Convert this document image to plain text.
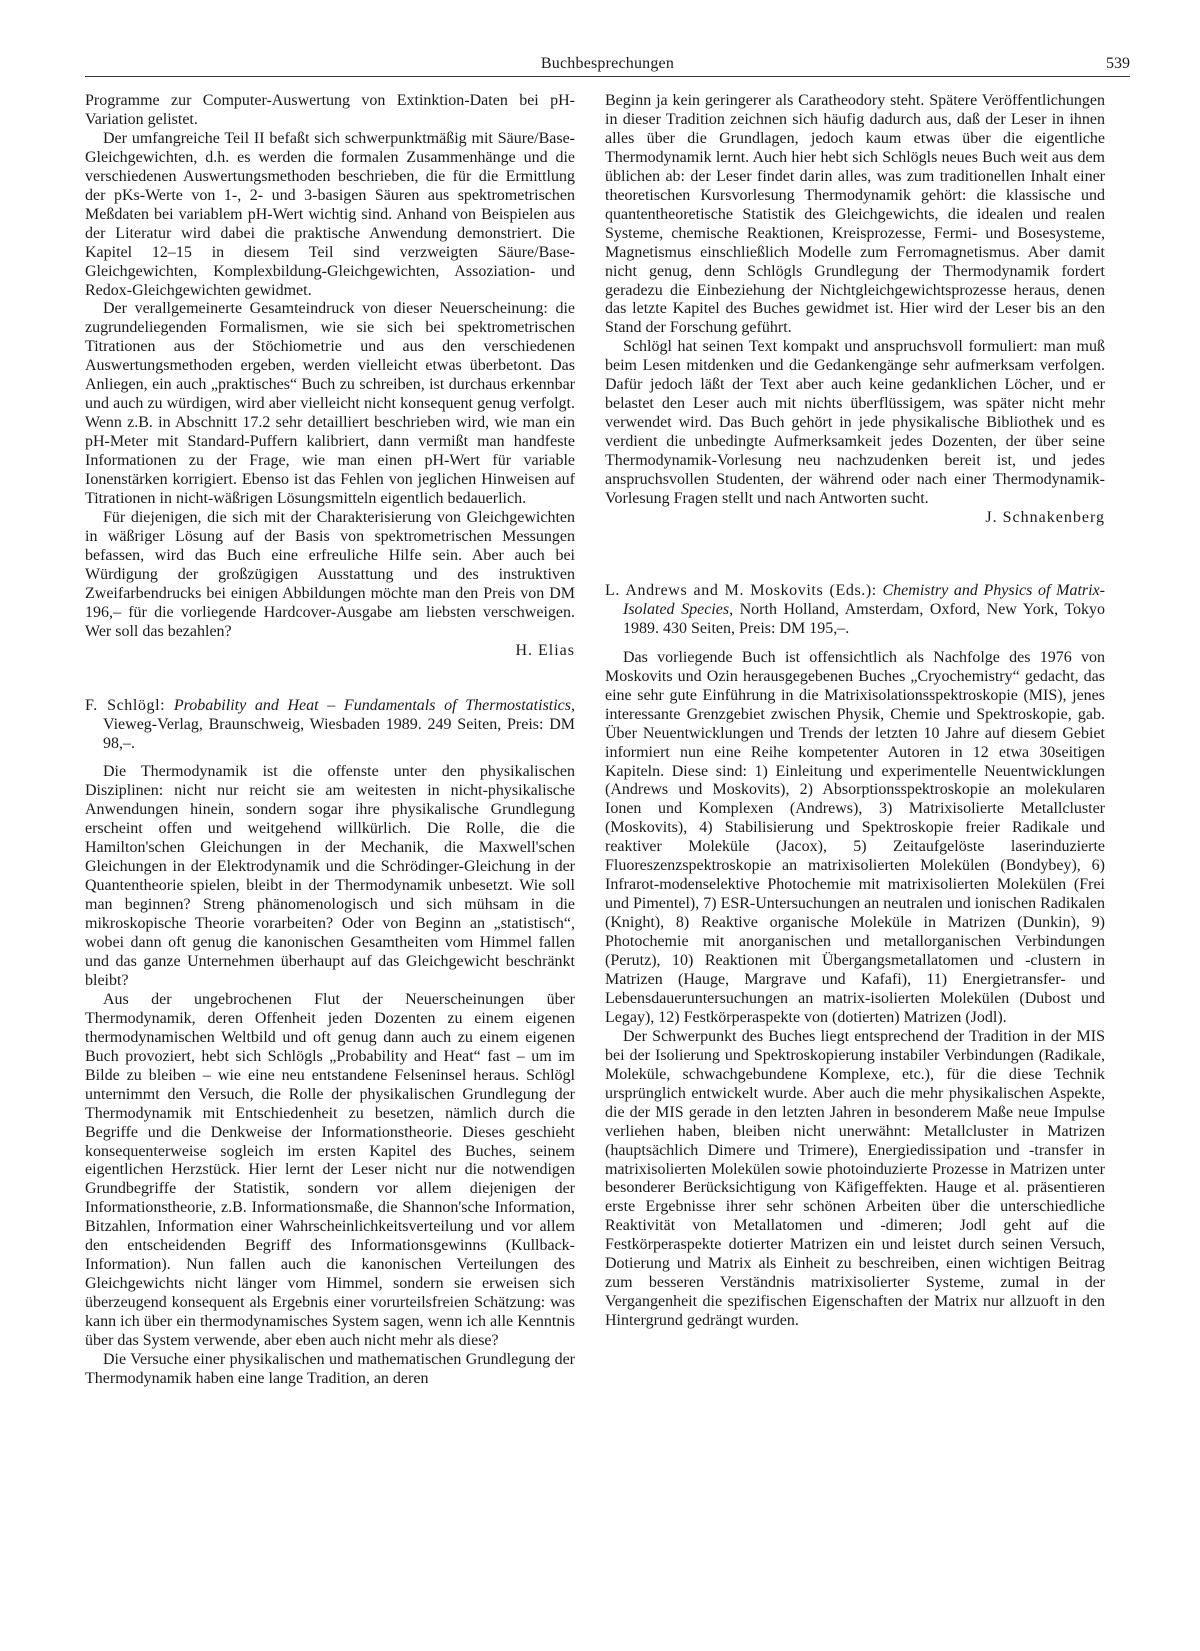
Buchbesprechungen	539

Programme zur Computer-Auswertung von Extinktion-Daten bei pH-Variation gelistet.

Der umfangreiche Teil II befaßt sich schwerpunktmäßig mit Säure/Base-Gleichgewichten, d.h. es werden die formalen Zusammenhänge und die verschiedenen Auswertungsmethoden beschrieben, die für die Ermittlung der pKs-Werte von 1-, 2- und 3-basigen Säuren aus spektrometrischen Meßdaten bei variablem pH-Wert wichtig sind. Anhand von Beispielen aus der Literatur wird dabei die praktische Anwendung demonstriert. Die Kapitel 12–15 in diesem Teil sind verzweigten Säure/Base-Gleichgewichten, Komplexbildung-Gleichgewichten, Assoziation- und Redox-Gleichgewichten gewidmet.

Der verallgemeinerte Gesamteindruck von dieser Neuerscheinung: die zugrundeliegenden Formalismen, wie sie sich bei spektrometrischen Titrationen aus der Stöchiometrie und aus den verschiedenen Auswertungsmethoden ergeben, werden vielleicht etwas überbetont. Das Anliegen, ein auch „praktisches“ Buch zu schreiben, ist durchaus erkennbar und auch zu würdigen, wird aber vielleicht nicht konsequent genug verfolgt. Wenn z.B. in Abschnitt 17.2 sehr detailliert beschrieben wird, wie man ein pH-Meter mit Standard-Puffern kalibriert, dann vermißt man handfeste Informationen zu der Frage, wie man einen pH-Wert für variable Ionenstärken korrigiert. Ebenso ist das Fehlen von jeglichen Hinweisen auf Titrationen in nicht-wäßrigen Lösungsmitteln eigentlich bedauerlich.

Für diejenigen, die sich mit der Charakterisierung von Gleichgewichten in wäßriger Lösung auf der Basis von spektrometrischen Messungen befassen, wird das Buch eine erfreuliche Hilfe sein. Aber auch bei Würdigung der großzügigen Ausstattung und des instruktiven Zweifarbendrucks bei einigen Abbildungen möchte man den Preis von DM 196,– für die vorliegende Hardcover-Ausgabe am liebsten verschweigen. Wer soll das bezahlen?

H. Elias

F. Schlögl: Probability and Heat – Fundamentals of Thermostatistics, Vieweg-Verlag, Braunschweig, Wiesbaden 1989. 249 Seiten, Preis: DM 98,–.

Die Thermodynamik ist die offenste unter den physikalischen Disziplinen: nicht nur reicht sie am weitesten in nicht-physikalische Anwendungen hinein, sondern sogar ihre physikalische Grundlegung erscheint offen und weitgehend willkürlich. Die Rolle, die die Hamilton'schen Gleichungen in der Mechanik, die Maxwell'schen Gleichungen in der Elektrodynamik und die Schrödinger-Gleichung in der Quantentheorie spielen, bleibt in der Thermodynamik unbesetzt. Wie soll man beginnen? Streng phänomenologisch und sich mühsam in die mikroskopische Theorie vorarbeiten? Oder von Beginn an „statistisch“, wobei dann oft genug die kanonischen Gesamtheiten vom Himmel fallen und das ganze Unternehmen überhaupt auf das Gleichgewicht beschränkt bleibt?

Aus der ungebrochenen Flut der Neuerscheinungen über Thermodynamik, deren Offenheit jeden Dozenten zu einem eigenen thermodynamischen Weltbild und oft genug dann auch zu einem eigenen Buch provoziert, hebt sich Schlögls „Probability and Heat“ fast – um im Bilde zu bleiben – wie eine neu entstandene Felseninsel heraus. Schlögl unternimmt den Versuch, die Rolle der physikalischen Grundlegung der Thermodynamik mit Entschiedenheit zu besetzen, nämlich durch die Begriffe und die Denkweise der Informationstheorie. Dieses geschieht konsequenterweise sogleich im ersten Kapitel des Buches, seinem eigentlichen Herzstück. Hier lernt der Leser nicht nur die notwendigen Grundbegriffe der Statistik, sondern vor allem diejenigen der Informationstheorie, z.B. Informationsmaße, die Shannon'sche Information, Bitzahlen, Information einer Wahrscheinlichkeitsverteilung und vor allem den entscheidenden Begriff des Informationsgewinns (Kullback-Information). Nun fallen auch die kanonischen Verteilungen des Gleichgewichts nicht länger vom Himmel, sondern sie erweisen sich überzeugend konsequent als Ergebnis einer vorurteilsfreien Schätzung: was kann ich über ein thermodynamisches System sagen, wenn ich alle Kenntnis über das System verwende, aber eben auch nicht mehr als diese?

Die Versuche einer physikalischen und mathematischen Grundlegung der Thermodynamik haben eine lange Tradition, an deren

Beginn ja kein geringerer als Caratheodory steht. Spätere Veröffentlichungen in dieser Tradition zeichnen sich häufig dadurch aus, daß der Leser in ihnen alles über die Grundlagen, jedoch kaum etwas über die eigentliche Thermodynamik lernt. Auch hier hebt sich Schlögls neues Buch weit aus dem üblichen ab: der Leser findet darin alles, was zum traditionellen Inhalt einer theoretischen Kursvorlesung Thermodynamik gehört: die klassische und quantentheoretische Statistik des Gleichgewichts, die idealen und realen Systeme, chemische Reaktionen, Kreisprozesse, Fermi- und Bosesysteme, Magnetismus einschließlich Modelle zum Ferromagnetismus. Aber damit nicht genug, denn Schlögls Grundlegung der Thermodynamik fordert geradezu die Einbeziehung der Nichtgleichgewichtsprozesse heraus, denen das letzte Kapitel des Buches gewidmet ist. Hier wird der Leser bis an den Stand der Forschung geführt.

Schlögl hat seinen Text kompakt und anspruchsvoll formuliert: man muß beim Lesen mitdenken und die Gedankengänge sehr aufmerksam verfolgen. Dafür jedoch läßt der Text aber auch keine gedanklichen Löcher, und er belastet den Leser auch mit nichts überflüssigem, was später nicht mehr verwendet wird. Das Buch gehört in jede physikalische Bibliothek und es verdient die unbedingte Aufmerksamkeit jedes Dozenten, der über seine Thermodynamik-Vorlesung neu nachzudenken bereit ist, und jedes anspruchsvollen Studenten, der während oder nach einer Thermodynamik-Vorlesung Fragen stellt und nach Antworten sucht.

J. Schnakenberg

L. Andrews and M. Moskovits (Eds.): Chemistry and Physics of Matrix-Isolated Species, North Holland, Amsterdam, Oxford, New York, Tokyo 1989. 430 Seiten, Preis: DM 195,–.

Das vorliegende Buch ist offensichtlich als Nachfolge des 1976 von Moskovits und Ozin herausgegebenen Buches „Cryochemistry“ gedacht, das eine sehr gute Einführung in die Matrixisolationsspektroskopie (MIS), jenes interessante Grenzgebiet zwischen Physik, Chemie und Spektroskopie, gab. Über Neuentwicklungen und Trends der letzten 10 Jahre auf diesem Gebiet informiert nun eine Reihe kompetenter Autoren in 12 etwa 30seitigen Kapiteln. Diese sind: 1) Einleitung und experimentelle Neuentwicklungen (Andrews und Moskovits), 2) Absorptionsspektroskopie an molekularen Ionen und Komplexen (Andrews), 3) Matrixisolierte Metallcluster (Moskovits), 4) Stabilisierung und Spektroskopie freier Radikale und reaktiver Moleküle (Jacox), 5) Zeitaufgelöste laserinduzierte Fluoreszenzspektroskopie an matrixisolierten Molekülen (Bondybey), 6) Infrarot-modenselektive Photochemie mit matrixisolierten Molekülen (Frei und Pimentel), 7) ESR-Untersuchungen an neutralen und ionischen Radikalen (Knight), 8) Reaktive organische Moleküle in Matrizen (Dunkin), 9) Photochemie mit anorganischen und metallorganischen Verbindungen (Perutz), 10) Reaktionen mit Übergangsmetallatomen und -clustern in Matrizen (Hauge, Margrave und Kafafi), 11) Energietransfer- und Lebensdaueruntersuchungen an matrix-isolierten Molekülen (Dubost und Legay), 12) Festkörperaspekte von (dotierten) Matrizen (Jodl).

Der Schwerpunkt des Buches liegt entsprechend der Tradition in der MIS bei der Isolierung und Spektroskopierung instabiler Verbindungen (Radikale, Moleküle, schwachgebundene Komplexe, etc.), für die diese Technik ursprünglich entwickelt wurde. Aber auch die mehr physikalischen Aspekte, die der MIS gerade in den letzten Jahren in besonderem Maße neue Impulse verliehen haben, bleiben nicht unerwähnt: Metallcluster in Matrizen (hauptsächlich Dimere und Trimere), Energiedissipation und -transfer in matrixisolierten Molekülen sowie photoinduzierte Prozesse in Matrizen unter besonderer Berücksichtigung von Käfigeffekten. Hauge et al. präsentieren erste Ergebnisse ihrer sehr schönen Arbeiten über die unterschiedliche Reaktivität von Metallatomen und -dimeren; Jodl geht auf die Festkörperaspekte dotierter Matrizen ein und leistet durch seinen Versuch, Dotierung und Matrix als Einheit zu beschreiben, einen wichtigen Beitrag zum besseren Verständnis matrixisolierter Systeme, zumal in der Vergangenheit die spezifischen Eigenschaften der Matrix nur allzuoft in den Hintergrund gedrängt wurden.
